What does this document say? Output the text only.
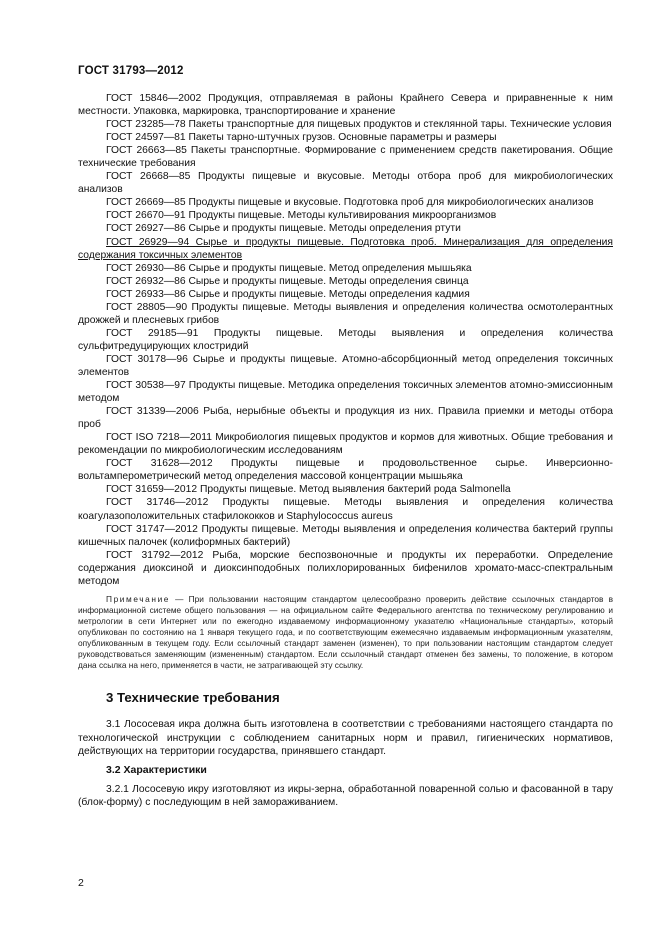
ГОСТ 31793—2012

ГОСТ 15846—2002 Продукция, отправляемая в районы Крайнего Севера и приравненные к ним местности. Упаковка, маркировка, транспортирование и хранение

ГОСТ 23285—78 Пакеты транспортные для пищевых продуктов и стеклянной тары. Технические условия

ГОСТ 24597—81 Пакеты тарно-штучных грузов. Основные параметры и размеры

ГОСТ 26663—85 Пакеты транспортные. Формирование с применением средств пакетирования. Общие технические требования

ГОСТ 26668—85 Продукты пищевые и вкусовые. Методы отбора проб для микробиологических анализов

ГОСТ 26669—85 Продукты пищевые и вкусовые. Подготовка проб для микробиологических анализов

ГОСТ 26670—91 Продукты пищевые. Методы культивирования микроорганизмов

ГОСТ 26927—86 Сырье и продукты пищевые. Методы определения ртути

ГОСТ 26929—94 Сырье и продукты пищевые. Подготовка проб. Минерализация для определения содержания токсичных элементов

ГОСТ 26930—86 Сырье и продукты пищевые. Метод определения мышьяка

ГОСТ 26932—86 Сырье и продукты пищевые. Методы определения свинца

ГОСТ 26933—86 Сырье и продукты пищевые. Методы определения кадмия

ГОСТ 28805—90 Продукты пищевые. Методы выявления и определения количества осмотолерантных дрожжей и плесневых грибов

ГОСТ 29185—91 Продукты пищевые. Методы выявления и определения количества сульфитредуцирующих клостридий

ГОСТ 30178—96 Сырье и продукты пищевые. Атомно-абсорбционный метод определения токсичных элементов

ГОСТ 30538—97 Продукты пищевые. Методика определения токсичных элементов атомно-эмиссионным методом

ГОСТ 31339—2006 Рыба, нерыбные объекты и продукция из них. Правила приемки и методы отбора проб

ГОСТ ISO 7218—2011 Микробиология пищевых продуктов и кормов для животных. Общие требования и рекомендации по микробиологическим исследованиям

ГОСТ 31628—2012 Продукты пищевые и продовольственное сырье. Инверсионно-вольтамперометрический метод определения массовой концентрации мышьяка

ГОСТ 31659—2012 Продукты пищевые. Метод выявления бактерий рода Salmonella

ГОСТ 31746—2012 Продукты пищевые. Методы выявления и определения количества коагулазоположительных стафилококков и Staphylococcus aureus

ГОСТ 31747—2012 Продукты пищевые. Методы выявления и определения количества бактерий группы кишечных палочек (колиформных бактерий)

ГОСТ 31792—2012 Рыба, морские беспозвоночные и продукты их переработки. Определение содержания диоксиной и диоксинподобных полихлорированных бифенилов хромато-масс-спектральным методом

Примечание — При пользовании настоящим стандартом целесообразно проверить действие ссылочных стандартов в информационной системе общего пользования — на официальном сайте Федерального агентства по техническому регулированию и метрологии в сети Интернет или по ежегодно издаваемому информационному указателю «Национальные стандарты», который опубликован по состоянию на 1 января текущего года, и по соответствующим ежемесячно издаваемым информационным указателям, опубликованным в текущем году. Если ссылочный стандарт заменен (изменен), то при пользовании настоящим стандартом следует руководствоваться заменяющим (измененным) стандартом. Если ссылочный стандарт отменен без замены, то положение, в котором дана ссылка на него, применяется в части, не затрагивающей эту ссылку.

3 Технические требования

3.1 Лососевая икра должна быть изготовлена в соответствии с требованиями настоящего стандарта по технологической инструкции с соблюдением санитарных норм и правил, гигиенических нормативов, действующих на территории государства, принявшего стандарт.

3.2 Характеристики

3.2.1 Лососевую икру изготовляют из икры-зерна, обработанной поваренной солью и фасованной в тару (блок-форму) с последующим в ней замораживанием.

2
